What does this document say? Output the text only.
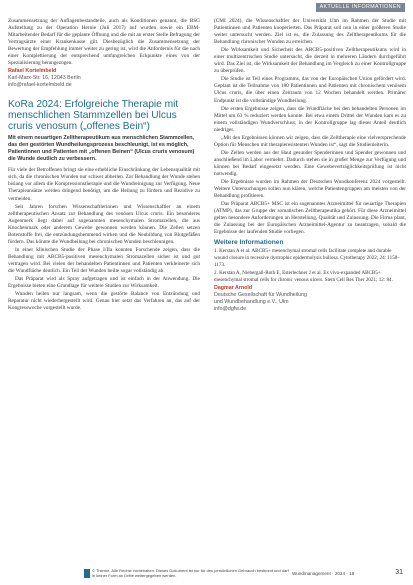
AKTUELLE INFORMATIONEN

Zusammensetzung der Auflagenbestandteile, auch als Konditionen genannt, die BSG Aufstellung zu der Operation Hernie (Juli 2017) auf wurden sowie ein EBM-Mitarbeitender Bedarf für die geplante Öffnung und die mit an erster Stelle Befragung der Vertragsärzte einer Krankenkasse gilt. Diesbezüglich die Zusammensetzung der Bewertung der Empfehlung immer weiter zu gering ist, wird die Anfordernis für die nach einer Komplettierung der entsprechend umfangreichen Eckpunkte eines von der Spezialisierung herangezogen.

Rafael Kortelmbeld

Karl-Marx-Str. 16, 12043 Berlin

info@rafael-kortelmbeld.de

KoRa 2024: Erfolgreiche Therapie mit menschlichen Stammzellen bei Ulcus cruris venosum („offenes Bein“)

Mit einem neuartigen Zelltherapeutikum aus menschlichen Stammzellen, das den gestörten Wundheilungsprozess beschleunigt, ist es möglich, Patientinnen und Patienten mit „offenen Beinen“ (Ulcus cruris venosum) die Wunde deutlich zu verbessern.

Für viele der Betroffenen bringt sie eine erhebliche Einschränkung der Lebensqualität mit sich, da die chronischen Wunden nur schwer abheilen. Zur Behandlung der Wunde stehen bislang vor allem die Kompressionstherapie und die Wundreinigung zur Verfügung. Neue Therapieansätze werden dringend benötigt, um die Heilung zu fördern und Rezidive zu vermeiden.

Seit Jahren forschen Wissenschaftlerinnen und Wissenschaftler an einem zelltherapeutischen Ansatz zur Behandlung des venösen Ulcus cruris. Ein besonderes Augenmerk liegt dabei auf sogenannten mesenchymalen Stromazellen, die aus Knochenmark oder anderem Gewebe gewonnen werden können. Die Zellen setzen Botenstoffe frei, die entzündungshemmend wirken und die Neubildung von Blutgefäßen fördern. Das könnte die Wundheilung bei chronischen Wunden beschleunigen.

In einer klinischen Studie der Phase I/IIa konnten Forschende zeigen, dass die Behandlung mit ABCB5-positiven mesenchymalen Stromazellen sicher ist und gut vertragen wird. Bei vielen der behandelten Patientinnen und Patienten verkleinerte sich die Wundfläche deutlich. Ein Teil der Wunden heilte sogar vollständig ab.

Das Präparat wird als Spray aufgetragen und ist einfach in der Anwendung. Die Ergebnisse bieten eine Grundlage für weitere Studien zur Wirksamkeit.

Wunden heilen nur langsam, wenn die gestörte Balance von Entzündung und Reparatur nicht wiederhergestellt wird. Genau hier setzt das Verfahren an, das auf der Kongresswoche vorgestellt wurde.

(CMI 2024), die Wissenschaftler der Universität Ulm im Rahmen der Studie mit Patientinnen und Patienten kooperierten. Das Präparat soll nun in einer größeren Studie weiter untersucht werden. Ziel ist es, die Zulassung des Zelltherapeutikums für die Behandlung chronischer Wunden zu erreichen.

Die Wirksamkeit und Sicherheit des ABCB5-positiven Zelltherapeutikums wird in einer multizentrischen Studie untersucht, die derzeit in mehreren Ländern durchgeführt wird. Das Ziel ist, die Wirksamkeit der Behandlung im Vergleich zu einer Kontrollgruppe zu überprüfen.

Die Studie ist Teil eines Programms, das von der Europäischen Union gefördert wird. Geplant ist die Teilnahme von 180 Patientinnen und Patienten mit chronischem venösem Ulcus cruris, die über einen Zeitraum von 12 Wochen behandelt werden. Primärer Endpunkt ist die vollständige Wundheilung.

Die ersten Ergebnisse zeigen, dass die Wundfläche bei den behandelten Personen im Mittel um 63 % reduziert werden konnte. Bei etwa einem Drittel der Wunden kam es zu einem vollständigen Wundverschluss, in der Kontrollgruppe lag dieser Anteil deutlich niedriger.

„Mit den Ergebnissen können wir zeigen, dass die Zelltherapie eine vielversprechende Option für Menschen mit therapieresistenten Wunden ist“, sagt die Studienleiterin.

Die Zellen werden aus der Haut gesunder Spenderinnen und Spender gewonnen und anschließend im Labor vermehrt. Dadurch stehen sie in großer Menge zur Verfügung und können bei Bedarf eingesetzt werden. Eine Gewebeverträglichkeitsprüfung ist nicht notwendig.

Die Ergebnisse wurden im Rahmen der Deutschen Wundkonferenz 2024 vorgestellt. Weitere Untersuchungen sollen nun klären, welche Patientengruppen am meisten von der Behandlung profitieren.

Das Präparat ABCB5+ MSC ist ein sogenanntes Arzneimittel für neuartige Therapien (ATMP), das zur Gruppe der somatischen Zelltherapeutika gehört. Für diese Arzneimittel gelten besondere Anforderungen an Herstellung, Qualität und Zulassung. Die Firma plant, die Zulassung bei der Europäischen Arzneimittel-Agentur zu beantragen, sobald die Ergebnisse der laufenden Studie vorliegen.

Weitere Informationen

1. Kerstan A et al. ABCB5+ mesenchymal stromal cells facilitate complete and durable wound closure in recessive dystrophic epidermolysis bullosa. Cytotherapy 2022; 24: 1158–1173.

2. Kerstan A, Niebergall-Roth E, Esterlechner J et al. Ex vivo-expanded ABCB5+ mesenchymal stromal cells for chronic venous ulcers. Stem Cell Res Ther 2021; 12: 84.

Dagmar Arnold

Deutsche Gesellschaft für Wundheilung

und Wundbehandlung e.V., Ulm

info@dgfw.de

© Thieme. Alle Rechte vorbehalten. Dieses Dokument ist nur für den persönlichen Gebrauch bestimmt und darf in keiner Form an Dritte weitergegeben werden.	Wundmanagement · 2024 · 18	31
